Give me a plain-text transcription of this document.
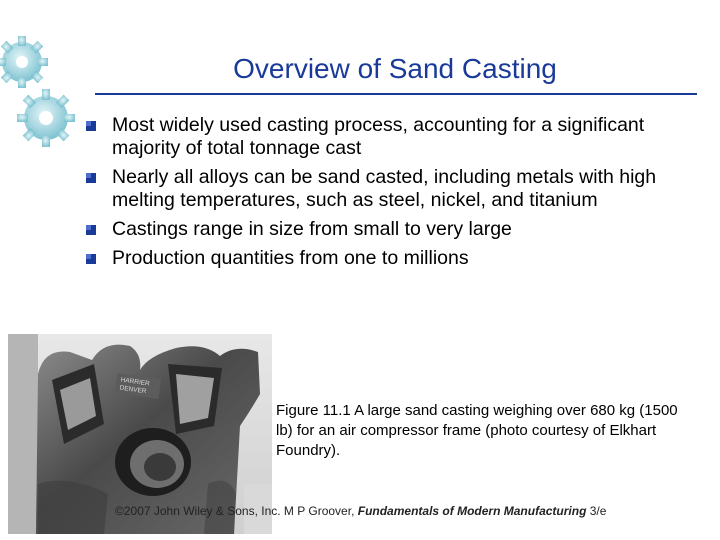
Overview of Sand Casting
Most widely used casting process, accounting for a significant majority of total tonnage cast
Nearly all alloys can be sand casted, including metals with high melting temperatures, such as steel, nickel, and titanium
Castings range in size from small to very large
Production quantities from one to millions
HARRIER
DENVER
Figure 11.1 A large sand casting weighing over 680 kg (1500 lb) for an air compressor frame (photo courtesy of Elkhart Foundry).
©2007 John Wiley & Sons, Inc. M P Groover, Fundamentals of Modern Manufacturing 3/e
